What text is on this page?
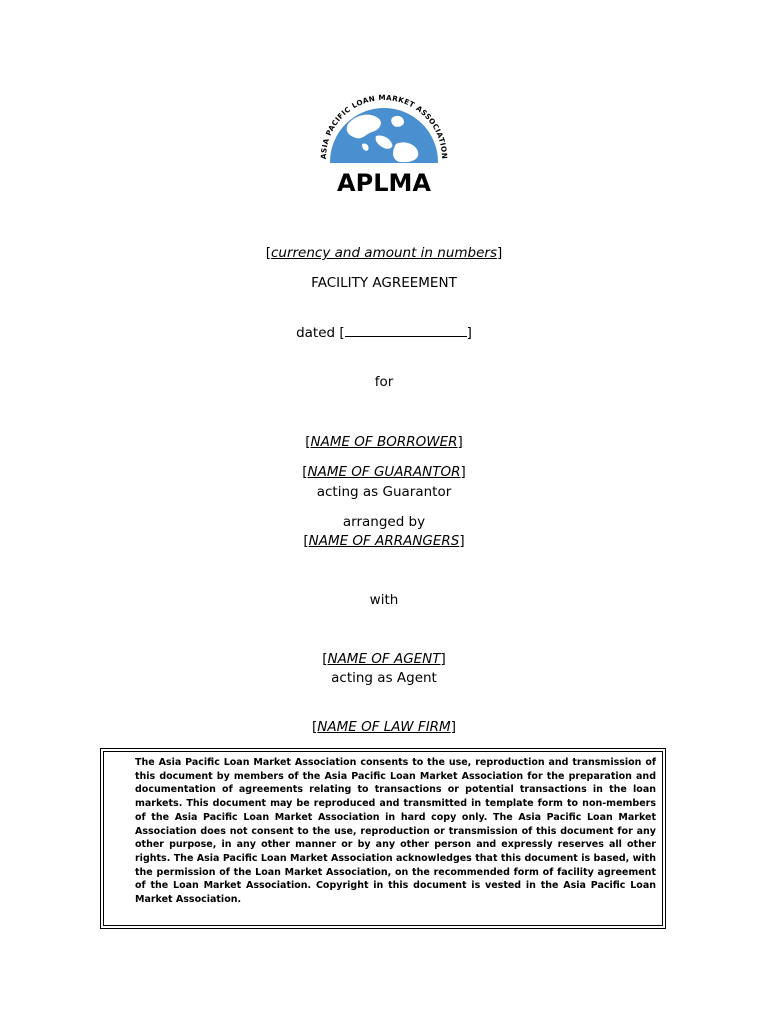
ASIA PACIFIC LOAN MARKET ASSOCIATION
APLMA
[currency and amount in numbers]
FACILITY AGREEMENT
dated [	]
for
[NAME OF BORROWER]
[NAME OF GUARANTOR]
acting as Guarantor
arranged by
[NAME OF ARRANGERS]
with
[NAME OF AGENT]
acting as Agent
[NAME OF LAW FIRM]

The Asia Pacific Loan Market Association consents to the use, reproduction and transmission of this document by members of the Asia Pacific Loan Market Association for the preparation and documentation of agreements relating to transactions or potential transactions in the loan markets. This document may be reproduced and transmitted in template form to non-members of the Asia Pacific Loan Market Association in hard copy only. The Asia Pacific Loan Market Association does not consent to the use, reproduction or transmission of this document for any other purpose, in any other manner or by any other person and expressly reserves all other rights. The Asia Pacific Loan Market Association acknowledges that this document is based, with the permission of the Loan Market Association, on the recommended form of facility agreement of the Loan Market Association. Copyright in this document is vested in the Asia Pacific Loan Market Association.
